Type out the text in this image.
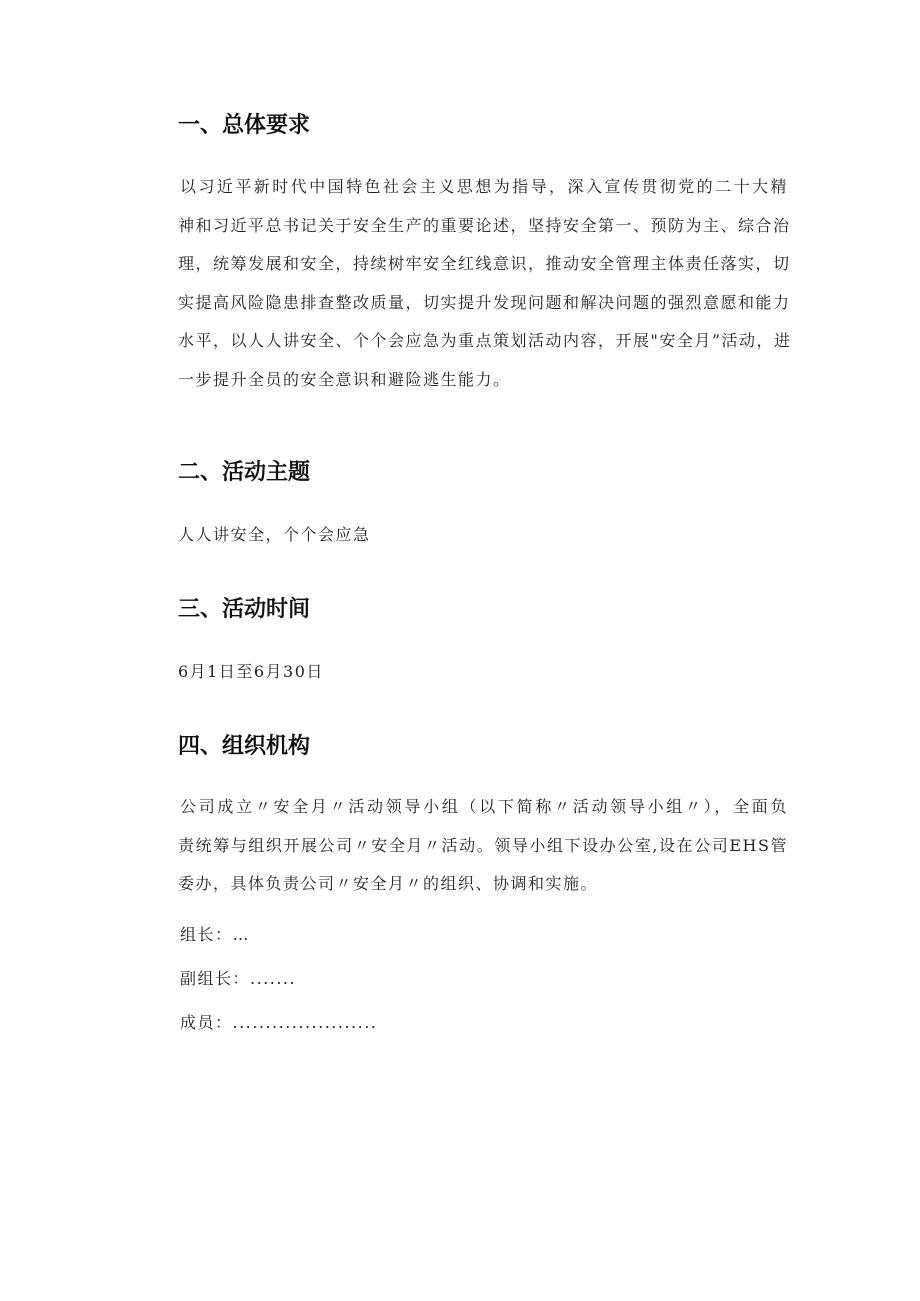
一、总体要求
以习近平新时代中国特色社会主义思想为指导，深入宣传贯彻党的二十大精
神和习近平总书记关于安全生产的重要论述，坚持安全第一、预防为主、综合治
理，统筹发展和安全，持续树牢安全红线意识，推动安全管理主体责任落实，切
实提高风险隐患排查整改质量，切实提升发现问题和解决问题的强烈意愿和能力
水平，以人人讲安全、个个会应急为重点策划活动内容，开展"安全月”活动，进
一步提升全员的安全意识和避险逃生能力。
二、活动主题

人人讲安全，个个会应急

三、活动时间

6月1日至6月30日

四、组织机构
公司成立〃安全月〃活动领导小组（以下简称〃活动领导小组〃），全面负
责统筹与组织开展公司〃安全月〃活动。领导小组下设办公室,设在公司EHS管
委办，具体负责公司〃安全月〃的组织、协调和实施。

组长：…

副组长：.......

成员：......................
